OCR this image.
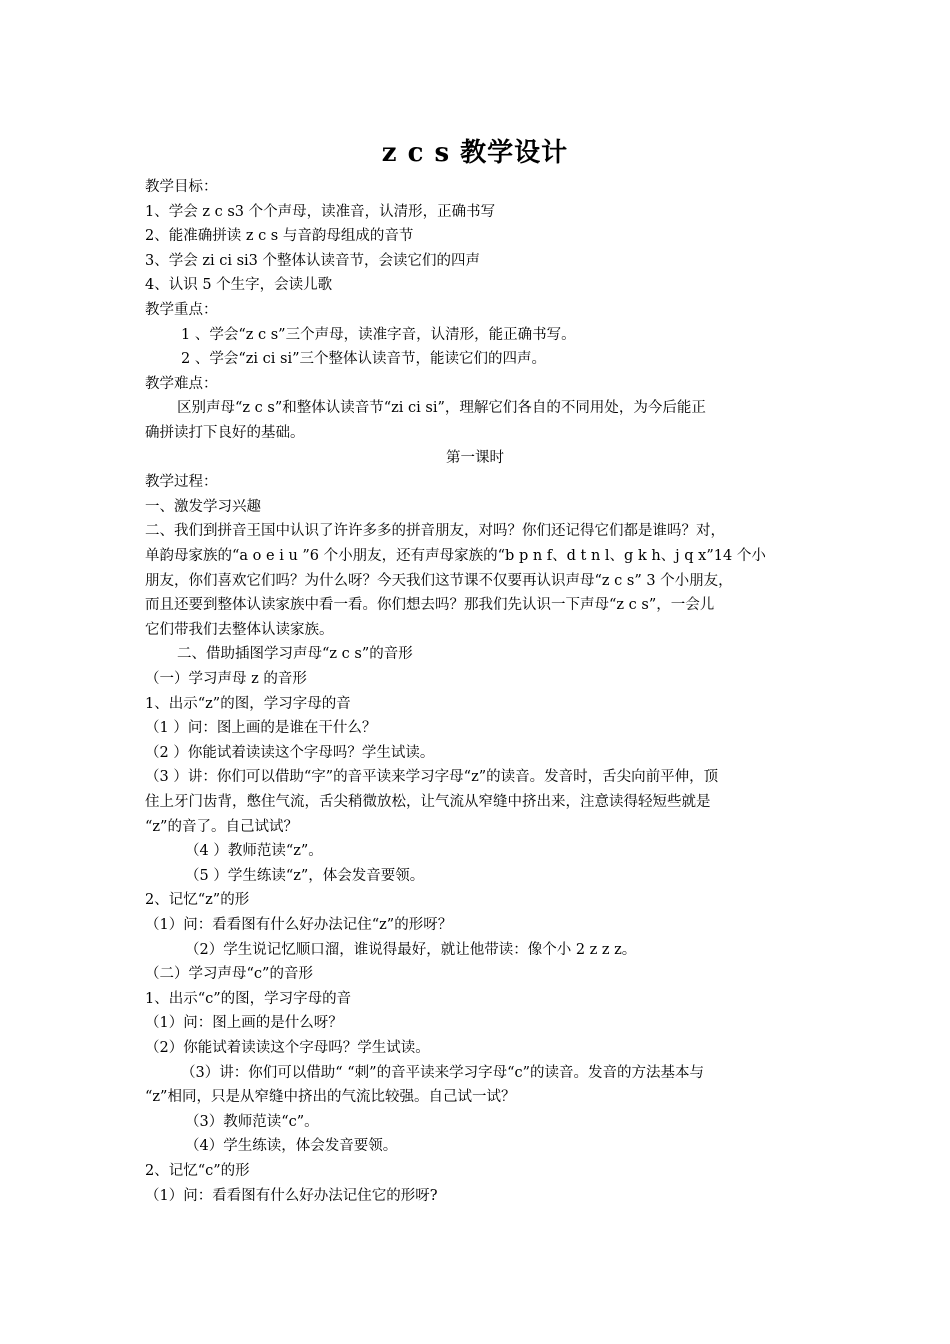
z c s 教学设计
教学目标：
1、学会 z c s3 个个声母，读准音，认清形，正确书写
2、能准确拼读 z c s 与音韵母组成的音节
3、学会 zi ci si3 个整体认读音节，会读它们的四声
4、认识 5 个生字，会读儿歌
教学重点：
1 、学会“z c s”三个声母，读准字音，认清形，能正确书写。
2 、学会“zi ci si”三个整体认读音节，能读它们的四声。
教学难点：
区别声母“z c s”和整体认读音节“zi ci si”，理解它们各自的不同用处，为今后能正
确拼读打下良好的基础。
第一课时
教学过程：
一、激发学习兴趣
二、我们到拼音王国中认识了许许多多的拼音朋友，对吗？你们还记得它们都是谁吗？对，
单韵母家族的“a o e i u ”6 个小朋友，还有声母家族的“b p n f、d t n l、g k h、j q x”14 个小
朋友，你们喜欢它们吗？为什么呀？今天我们这节课不仅要再认识声母“z c s” 3 个小朋友，
而且还要到整体认读家族中看一看。你们想去吗？那我们先认识一下声母“z c s”，一会儿
它们带我们去整体认读家族。
二、借助插图学习声母“z c s”的音形
（一）学习声母 z 的音形
1、出示“z”的图，学习字母的音
（1 ）问：图上画的是谁在干什么？
（2 ）你能试着读读这个字母吗？学生试读。
（3 ）讲：你们可以借助“字”的音平读来学习字母“z”的读音。发音时，舌尖向前平伸，顶
住上牙门齿背，憋住气流，舌尖稍微放松，让气流从窄缝中挤出来，注意读得轻短些就是
“z”的音了。自己试试？
（4 ）教师范读“z”。
（5 ）学生练读“z”，体会发音要领。
2、记忆“z”的形
（1）问：看看图有什么好办法记住“z”的形呀？
（2）学生说记忆顺口溜，谁说得最好，就让他带读：像个小 2 z z z。
（二）学习声母“c”的音形
1、出示“c”的图，学习字母的音
（1）问：图上画的是什么呀？
（2）你能试着读读这个字母吗？学生试读。
（3）讲：你们可以借助“ “刺”的音平读来学习字母“c”的读音。发音的方法基本与
“z”相同，只是从窄缝中挤出的气流比较强。自己试一试？
（3）教师范读“c”。
（4）学生练读，体会发音要领。
2、记忆“c”的形
（1）问：看看图有什么好办法记住它的形呀?
